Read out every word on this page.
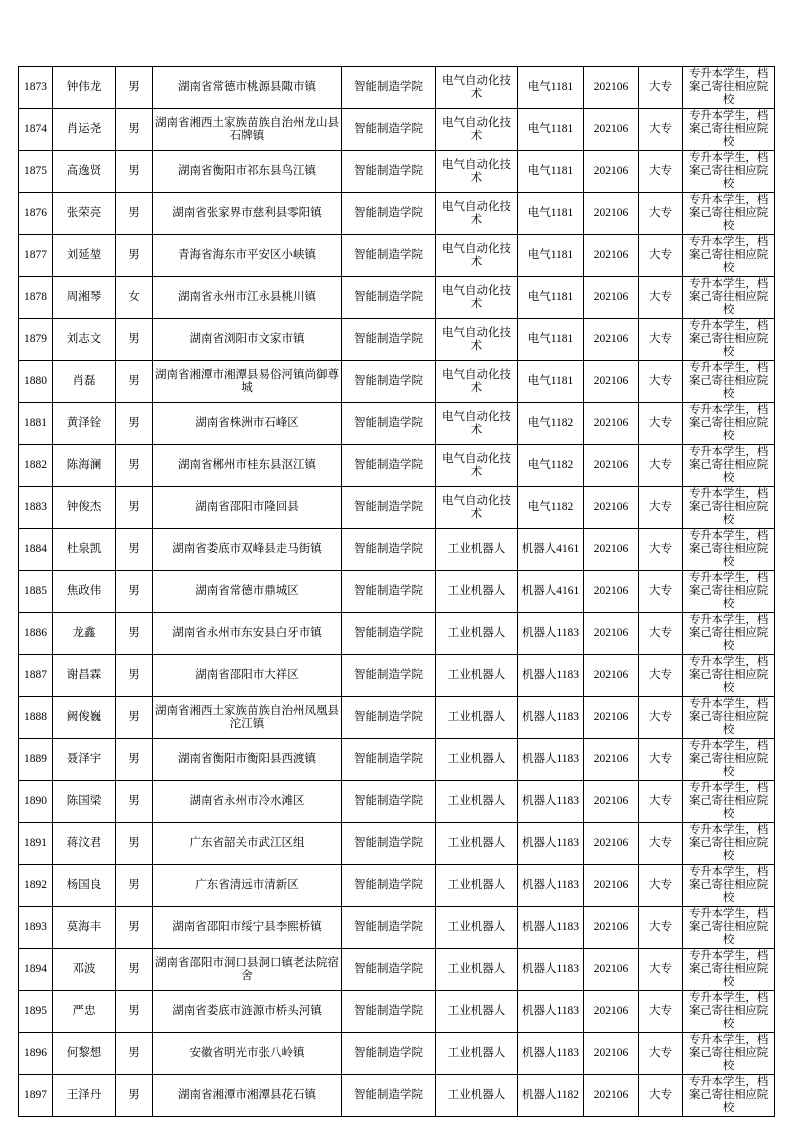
1873	钟伟龙	男	湖南省常德市桃源县陬市镇	智能制造学院	电气自动化技术	电气1181	202106	大专	专升本学生，档案己寄往相应院校
1874	肖运尧	男	湖南省湘西土家族苗族自治州龙山县石牌镇	智能制造学院	电气自动化技术	电气1181	202106	大专	专升本学生，档案己寄往相应院校
1875	高逸贤	男	湖南省衡阳市祁东县鸟江镇	智能制造学院	电气自动化技术	电气1181	202106	大专	专升本学生，档案己寄往相应院校
1876	张荣亮	男	湖南省张家界市慈利县零阳镇	智能制造学院	电气自动化技术	电气1181	202106	大专	专升本学生，档案己寄往相应院校
1877	刘延堃	男	青海省海东市平安区小峡镇	智能制造学院	电气自动化技术	电气1181	202106	大专	专升本学生，档案己寄往相应院校
1878	周湘琴	女	湖南省永州市江永县桃川镇	智能制造学院	电气自动化技术	电气1181	202106	大专	专升本学生，档案己寄往相应院校
1879	刘志文	男	湖南省浏阳市文家市镇	智能制造学院	电气自动化技术	电气1181	202106	大专	专升本学生，档案己寄往相应院校
1880	肖磊	男	湖南省湘潭市湘潭县易俗河镇尚御尊城	智能制造学院	电气自动化技术	电气1181	202106	大专	专升本学生，档案己寄往相应院校
1881	黄泽铨	男	湖南省株洲市石峰区	智能制造学院	电气自动化技术	电气1182	202106	大专	专升本学生，档案己寄往相应院校
1882	陈海澜	男	湖南省郴州市桂东县沤江镇	智能制造学院	电气自动化技术	电气1182	202106	大专	专升本学生，档案己寄往相应院校
1883	钟俊杰	男	湖南省邵阳市隆回县	智能制造学院	电气自动化技术	电气1182	202106	大专	专升本学生，档案己寄往相应院校
1884	杜泉凯	男	湖南省娄底市双峰县走马街镇	智能制造学院	工业机器人	机器人4161	202106	大专	专升本学生，档案己寄往相应院校
1885	焦政伟	男	湖南省常德市鼎城区	智能制造学院	工业机器人	机器人4161	202106	大专	专升本学生，档案己寄往相应院校
1886	龙鑫	男	湖南省永州市东安县白牙市镇	智能制造学院	工业机器人	机器人1183	202106	大专	专升本学生，档案己寄往相应院校
1887	谢昌霖	男	湖南省邵阳市大祥区	智能制造学院	工业机器人	机器人1183	202106	大专	专升本学生，档案己寄往相应院校
1888	阙俊巍	男	湖南省湘西土家族苗族自治州凤凰县沱江镇	智能制造学院	工业机器人	机器人1183	202106	大专	专升本学生，档案己寄往相应院校
1889	聂泽宇	男	湖南省衡阳市衡阳县西渡镇	智能制造学院	工业机器人	机器人1183	202106	大专	专升本学生，档案己寄往相应院校
1890	陈国梁	男	湖南省永州市冷水滩区	智能制造学院	工业机器人	机器人1183	202106	大专	专升本学生，档案己寄往相应院校
1891	蒋汶君	男	广东省韶关市武江区组	智能制造学院	工业机器人	机器人1183	202106	大专	专升本学生，档案己寄往相应院校
1892	杨国良	男	广东省清远市清新区	智能制造学院	工业机器人	机器人1183	202106	大专	专升本学生，档案己寄往相应院校
1893	莫海丰	男	湖南省邵阳市绥宁县李熙桥镇	智能制造学院	工业机器人	机器人1183	202106	大专	专升本学生，档案己寄往相应院校
1894	邓波	男	湖南省邵阳市洞口县洞口镇老法院宿舍	智能制造学院	工业机器人	机器人1183	202106	大专	专升本学生，档案己寄往相应院校
1895	严忠	男	湖南省娄底市涟源市桥头河镇	智能制造学院	工业机器人	机器人1183	202106	大专	专升本学生，档案己寄往相应院校
1896	何黎想	男	安徽省明光市张八岭镇	智能制造学院	工业机器人	机器人1183	202106	大专	专升本学生，档案己寄往相应院校
1897	王泽丹	男	湖南省湘潭市湘潭县花石镇	智能制造学院	工业机器人	机器人1182	202106	大专	专升本学生，档案己寄往相应院校
